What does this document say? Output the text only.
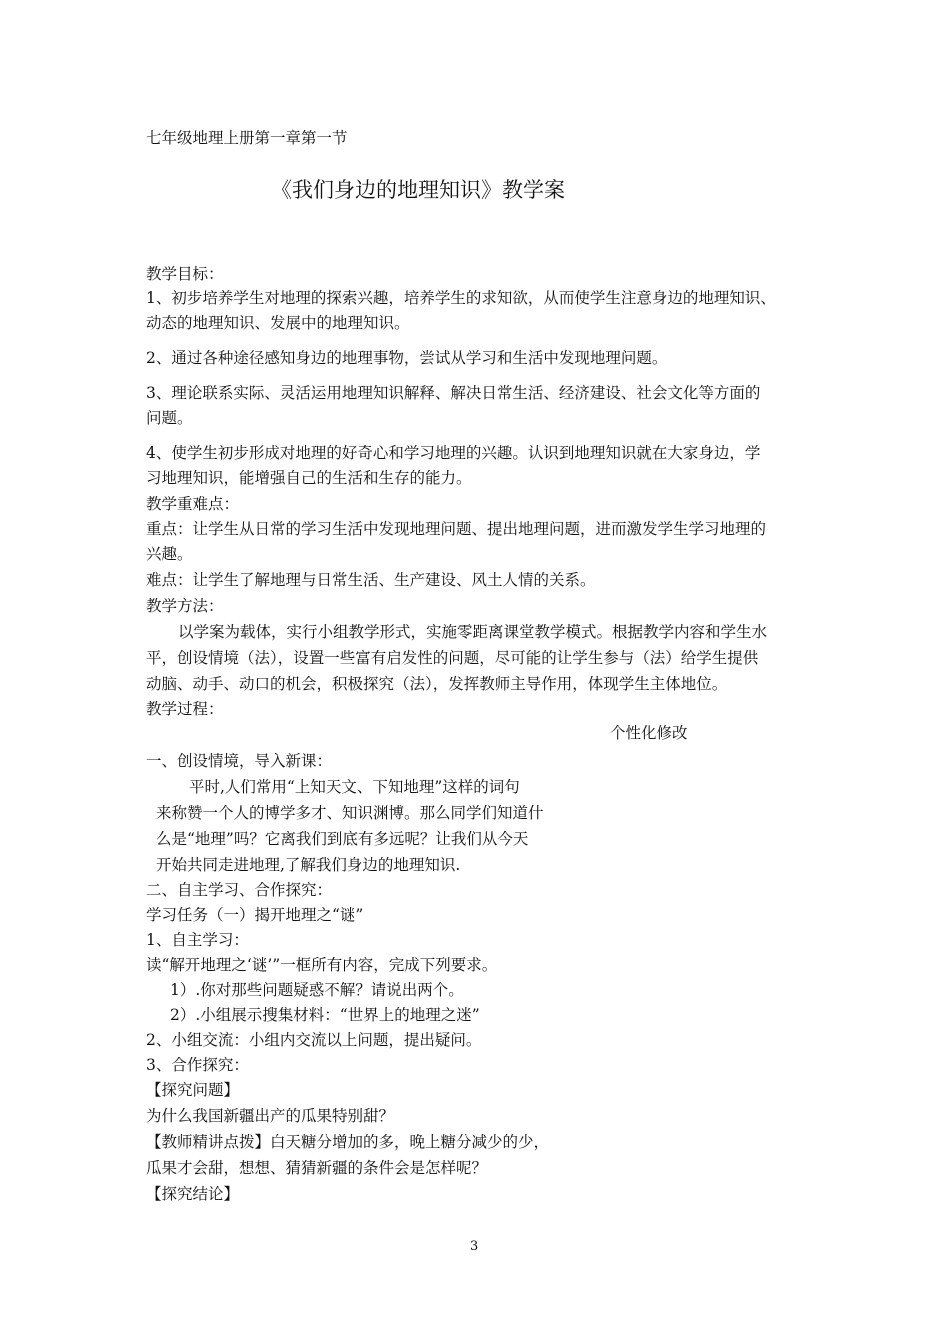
七年级地理上册第一章第一节
《我们身边的地理知识》教学案
教学目标：
1、初步培养学生对地理的探索兴趣，培养学生的求知欲，从而使学生注意身边的地理知识、
动态的地理知识、发展中的地理知识。
2、通过各种途径感知身边的地理事物，尝试从学习和生活中发现地理问题。
3、理论联系实际、灵活运用地理知识解释、解决日常生活、经济建设、社会文化等方面的
问题。
4、使学生初步形成对地理的好奇心和学习地理的兴趣。认识到地理知识就在大家身边，学
习地理知识，能增强自己的生活和生存的能力。
教学重难点：
重点：让学生从日常的学习生活中发现地理问题、提出地理问题，进而激发学生学习地理的
兴趣。
难点：让学生了解地理与日常生活、生产建设、风土人情的关系。
教学方法：
以学案为载体，实行小组教学形式，实施零距离课堂教学模式。根据教学内容和学生水
平，创设情境（法），设置一些富有启发性的问题，尽可能的让学生参与（法）给学生提供
动脑、动手、动口的机会，积极探究（法），发挥教师主导作用，体现学生主体地位。
教学过程：
个性化修改
一、创设情境，导入新课：
平时,人们常用“上知天文、下知地理”这样的词句
来称赞一个人的博学多才、知识渊博。那么同学们知道什
么是“地理”吗？它离我们到底有多远呢？让我们从今天
开始共同走进地理,了解我们身边的地理知识.
二、自主学习、合作探究：
学习任务（一）揭开地理之“谜”
1、自主学习：
读“解开地理之‘谜’”一框所有内容，完成下列要求。
1）.你对那些问题疑惑不解？请说出两个。
2）.小组展示搜集材料：“世界上的地理之迷”
2、小组交流：小组内交流以上问题，提出疑问。
3、合作探究：
【探究问题】
为什么我国新疆出产的瓜果特别甜？
【教师精讲点拨】白天糖分增加的多，晚上糖分减少的少，
瓜果才会甜，想想、猜猜新疆的条件会是怎样呢？
【探究结论】
3
